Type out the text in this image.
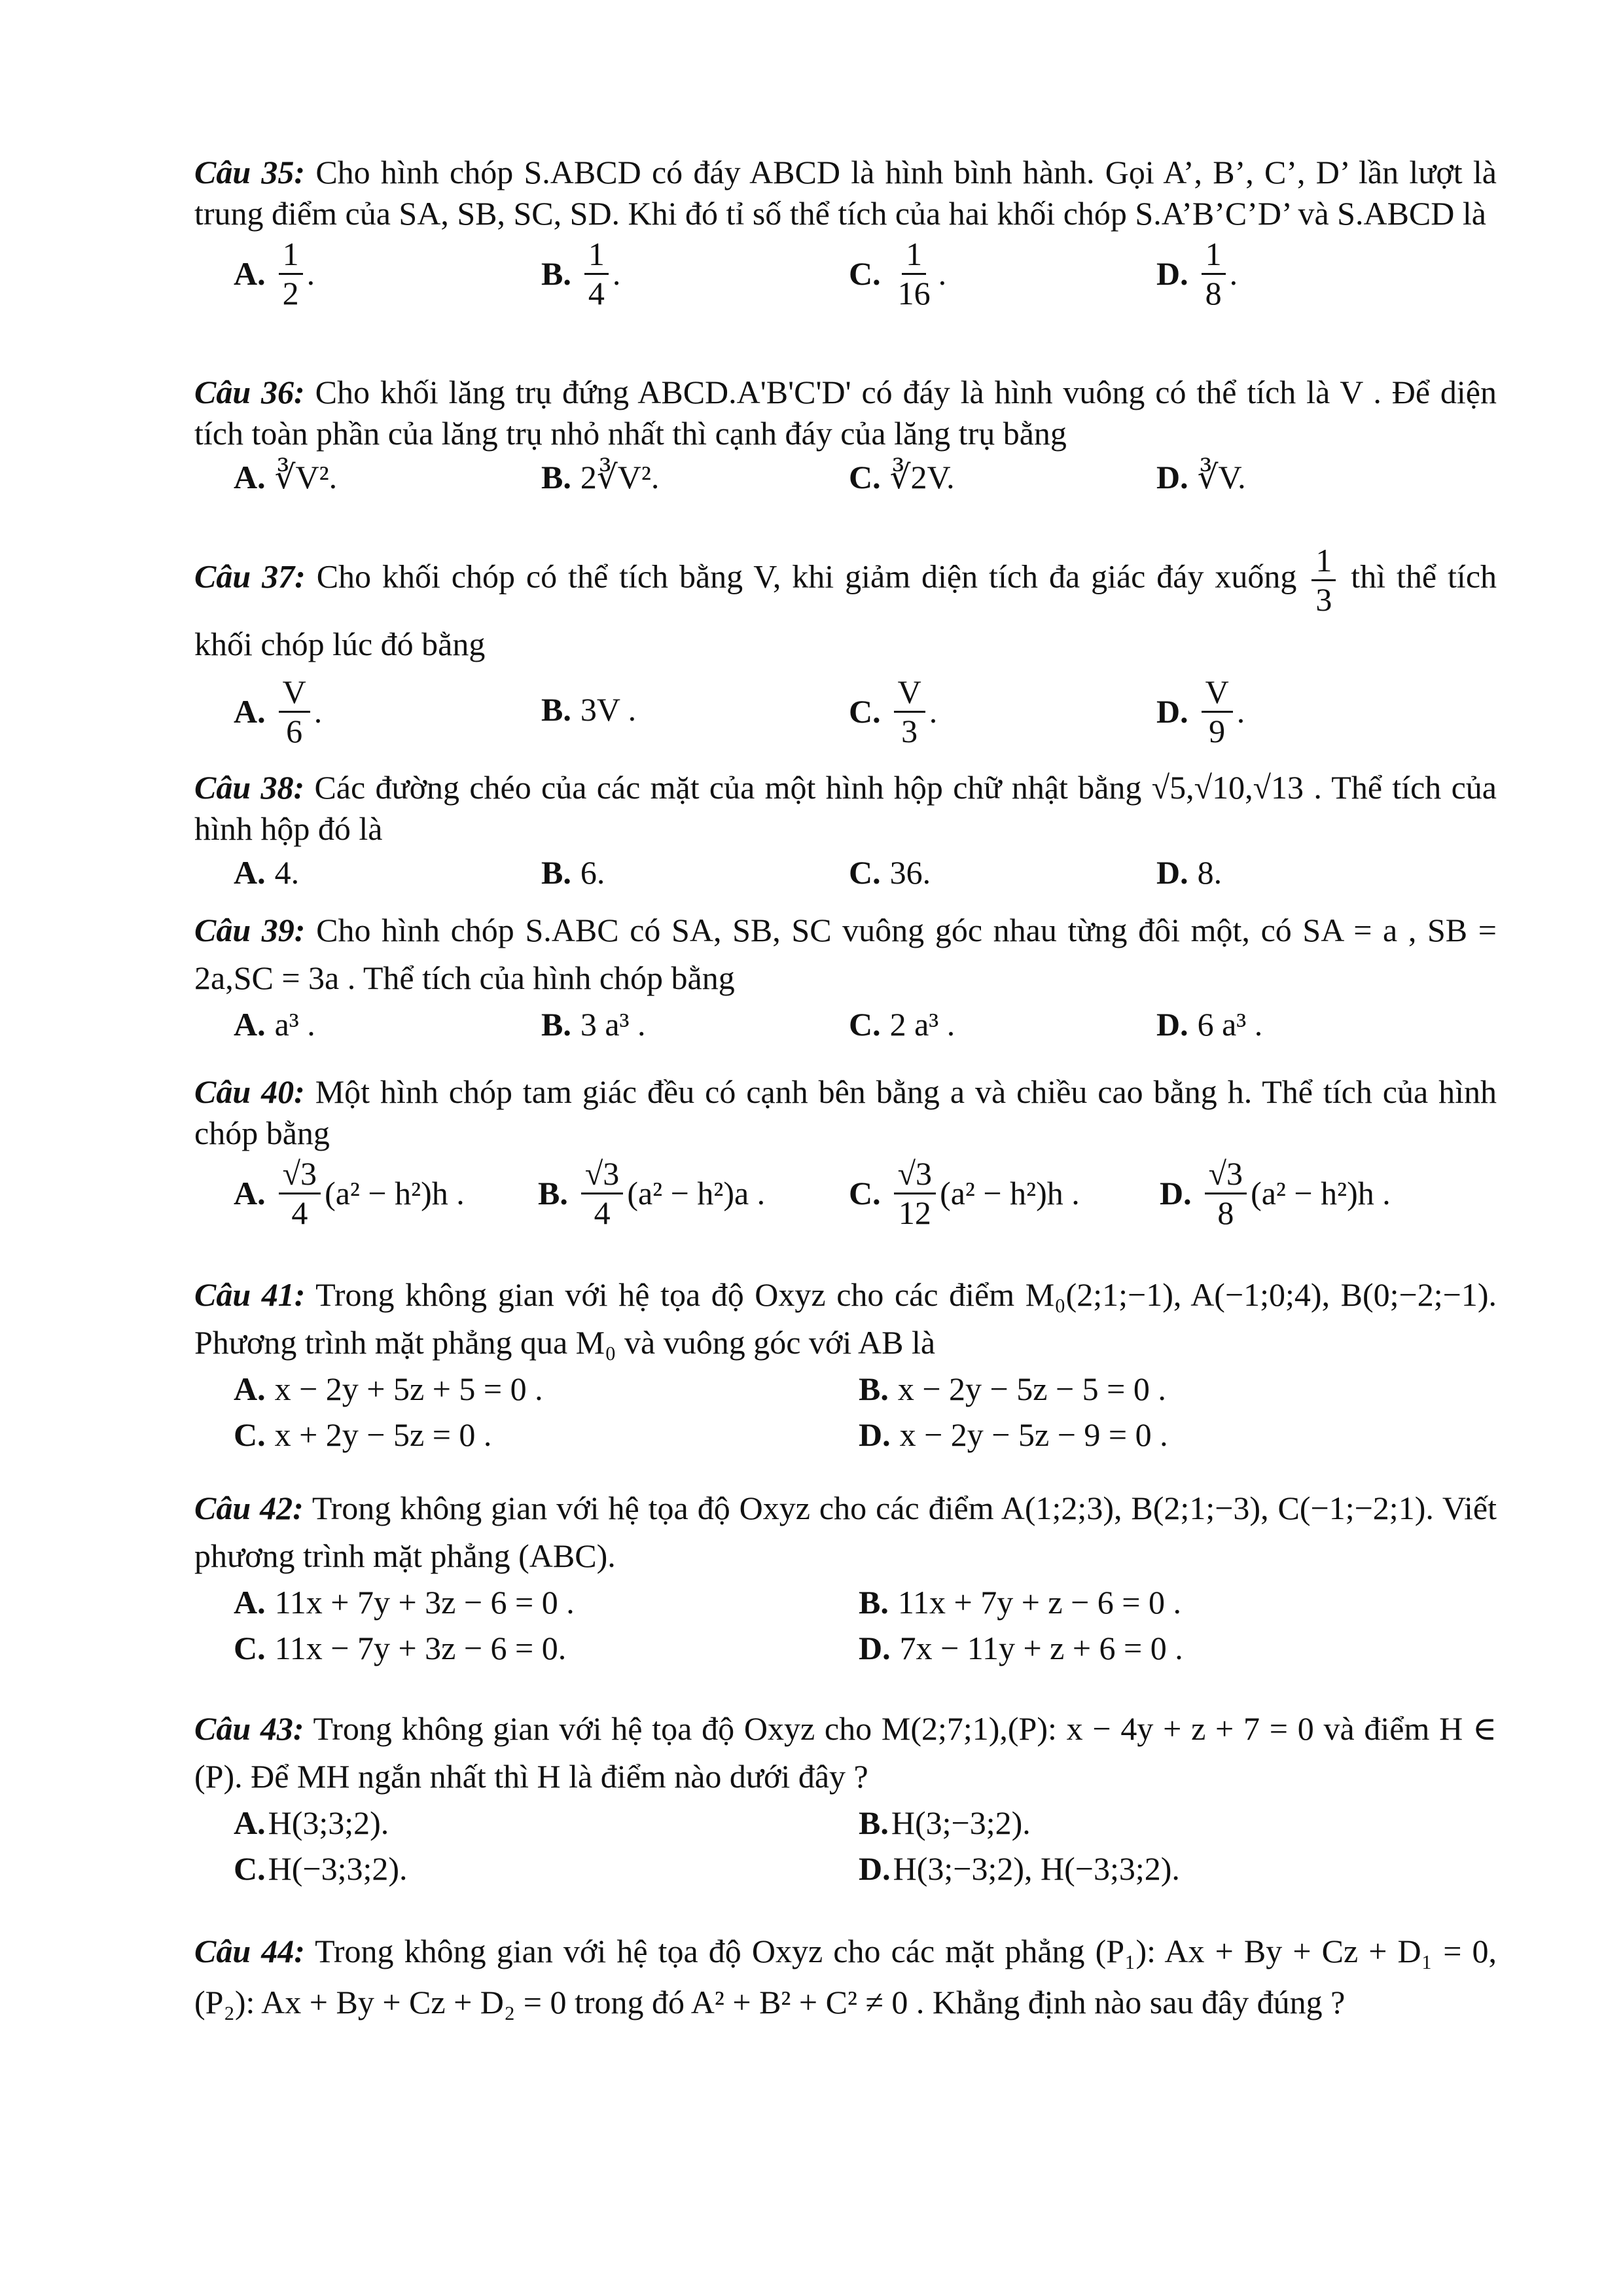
Câu 35: Cho hình chóp S.ABCD có đáy ABCD là hình bình hành. Gọi A’, B’, C’, D’ lần lượt là trung điểm của SA, SB, SC, SD. Khi đó tỉ số thể tích của hai khối chóp S.A’B’C’D’ và S.ABCD là

A. $\frac{1}{2}$ .	B. $\frac{1}{4}$ .	C. $\frac{1}{16}$ .	D. $\frac{1}{8}$ .

Câu 36: Cho khối lăng trụ đứng ABCD.A'B'C'D' có đáy là hình vuông có thể tích là V . Để diện tích toàn phần của lăng trụ nhỏ nhất thì cạnh đáy của lăng trụ bằng

A. ∛V².	B. 2∛V².	C. ∛2V.	D. ∛V.

Câu 37: Cho khối chóp có thể tích bằng V, khi giảm diện tích đa giác đáy xuống $\frac{1}{3}$ thì thể tích khối chóp lúc đó bằng

A. $\frac{V}{6}$ .	B. 3V .	C. $\frac{V}{3}$ .	D. $\frac{V}{9}$ .

Câu 38: Các đường chéo của các mặt của một hình hộp chữ nhật bằng √5,√10,√13 . Thể tích của hình hộp đó là

A. 4.	B. 6.	C. 36.	D. 8.

Câu 39: Cho hình chóp S.ABC có SA, SB, SC vuông góc nhau từng đôi một, có SA = a , SB = 2a,SC = 3a . Thể tích của hình chóp bằng

A. a³ .	B. 3 a³ .	C. 2 a³ .	D. 6 a³ .

Câu 40: Một hình chóp tam giác đều có cạnh bên bằng a và chiều cao bằng h. Thể tích của hình chóp bằng

A. $\frac{√3}{4} (a^2 - h^2)h$ . B. $\frac{√3}{4} (a^2 - h^2)a$ .	C. $\frac{√3}{12} (a^2 - h^2)h$ . D. $\frac{√3}{8} (a^2 - h^2)h$ .

Câu 41: Trong không gian với hệ tọa độ Oxyz cho các điểm M₀(2;1;−1), A(−1;0;4), B(0;−2;−1). Phương trình mặt phẳng qua M₀ và vuông góc với AB là

A. x − 2y + 5z + 5 = 0 .	B. x − 2y − 5z − 5 = 0 .
C. x + 2y − 5z = 0 .	D. x − 2y − 5z − 9 = 0 .

Câu 42: Trong không gian với hệ tọa độ Oxyz cho các điểm A(1;2;3), B(2;1;−3), C(−1;−2;1). Viết phương trình mặt phẳng (ABC).

A. 11x + 7y + 3z − 6 = 0 .	B. 11x + 7y + z − 6 = 0 .
C. 11x − 7y + 3z − 6 = 0.	D. 7x − 11y + z + 6 = 0 .

Câu 43: Trong không gian với hệ tọa độ Oxyz cho M(2;7;1),(P): x − 4y + z + 7 = 0 và điểm H ∈ (P). Để MH ngắn nhất thì H là điểm nào dưới đây ?

A. H(3;3;2).	B. H(3;−3;2).
C. H(−3;3;2).	D. H(3;−3;2), H(−3;3;2).

Câu 44: Trong không gian với hệ tọa độ Oxyz cho các mặt phẳng (P₁): Ax + By + Cz + D₁ = 0,(P₂): Ax + By + Cz + D₂ = 0 trong đó A² + B² + C² ≠ 0 . Khẳng định nào sau đây đúng ?
